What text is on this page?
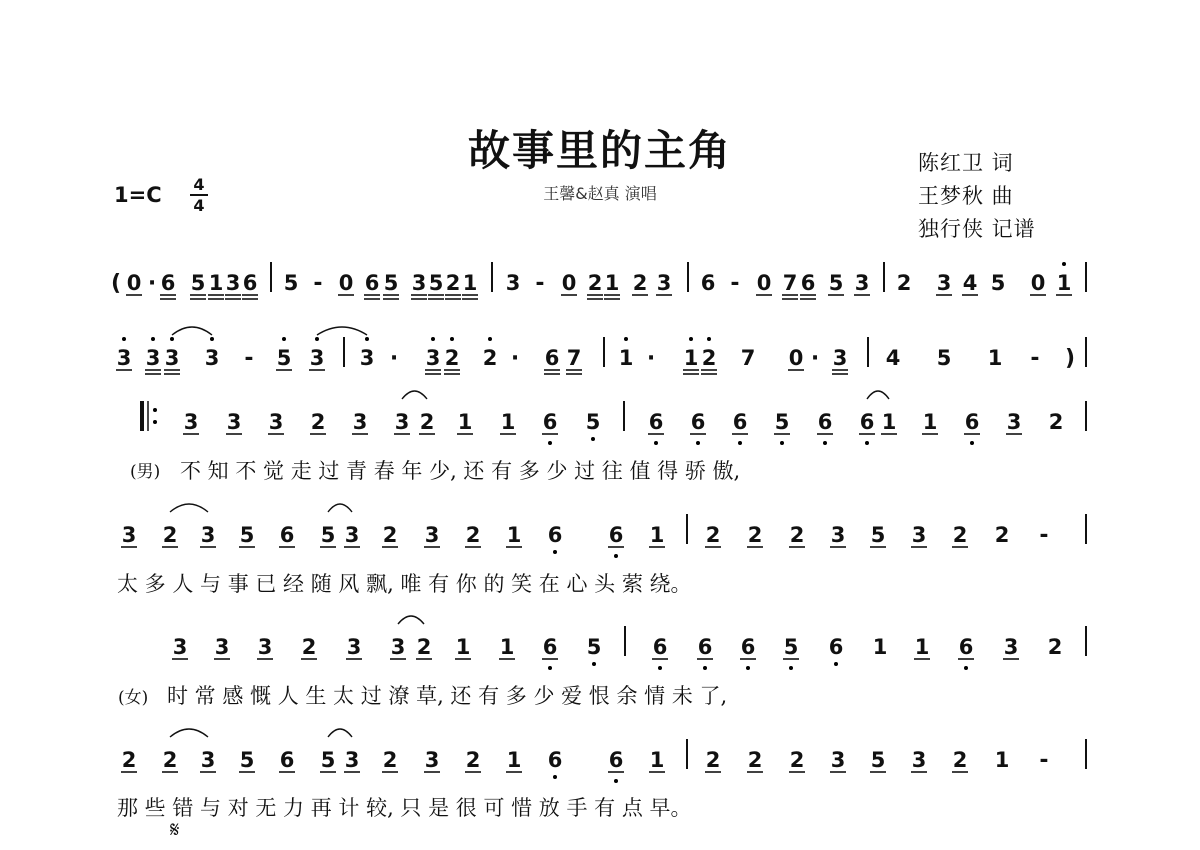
故事里的主角
王馨&赵真 演唱
陈红卫 词
王梦秋 曲
独行侠 记谱
1=C 4
4
( 0 · 6 5 1 3 6 5 - 0 6 5 3 5 2 1 3 - 0 2 1 2 3 6 - 0 7 6 5 3 2 3 4 5 0 1
3 3 3 3 - 5 3 3 · 3 2 2 · 6 7 1 · 1 2 7 0 · 3 4 5 1 - )
3 3 3 2 3 3 2 1 1 6 5 6 6 6 5 6 6 1 1 6 3 2
3 2 3 5 6 5 3 2 3 2 1 6 6 1 2 2 2 3 5 3 2 2 -
3 3 3 2 3 3 2 1 1 6 5 6 6 6 5 6 1 1 6 3 2
2 2 3 5 6 5 3 2 3 2 1 6 6 1 2 2 2 3 5 3 2 1 -
(男) 不 知 不 觉 走 过 青 春 年 少, 还 有 多 少 过 往 值 得 骄 傲,
太 多 人 与 事 已 经 随 风 飘, 唯 有 你 的 笑 在 心 头 萦 绕。
(女) 时 常 感 慨 人 生 太 过 潦 草, 还 有 多 少 爱 恨 余 情 未 了,
那 些 错 与 对 无 力 再 计 较, 只 是 很 可 惜 放 手 有 点 早。
𝄋
